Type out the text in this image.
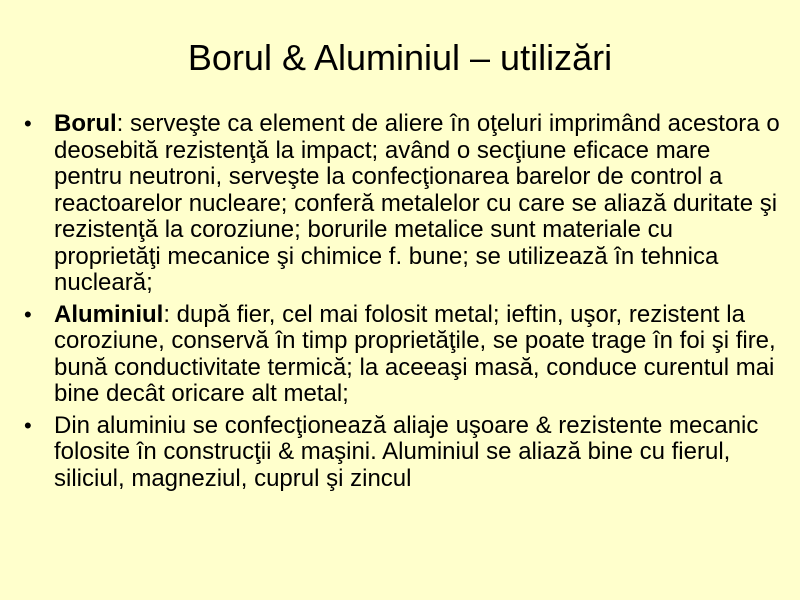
Borul & Aluminiul – utilizări
• Borul: serveşte ca element de aliere în oţeluri imprimând acestora o deosebită rezistenţă la impact; având o secţiune eficace mare pentru neutroni, serveşte la confecţionarea barelor de control a reactoarelor nucleare; conferă metalelor cu care se aliază duritate şi rezistenţă la coroziune; borurile metalice sunt materiale cu proprietăţi mecanice şi chimice f. bune; se utilizează în tehnica nucleară;
• Aluminiul: după fier, cel mai folosit metal; ieftin, uşor, rezistent la coroziune, conservă în timp proprietăţile, se poate trage în foi şi fire, bună conductivitate termică; la aceeaşi masă, conduce curentul mai bine decât oricare alt metal;
• Din aluminiu se confecţionează aliaje uşoare & rezistente mecanic folosite în construcţii & maşini. Aluminiul se aliază bine cu fierul, siliciul, magneziul, cuprul şi zincul
